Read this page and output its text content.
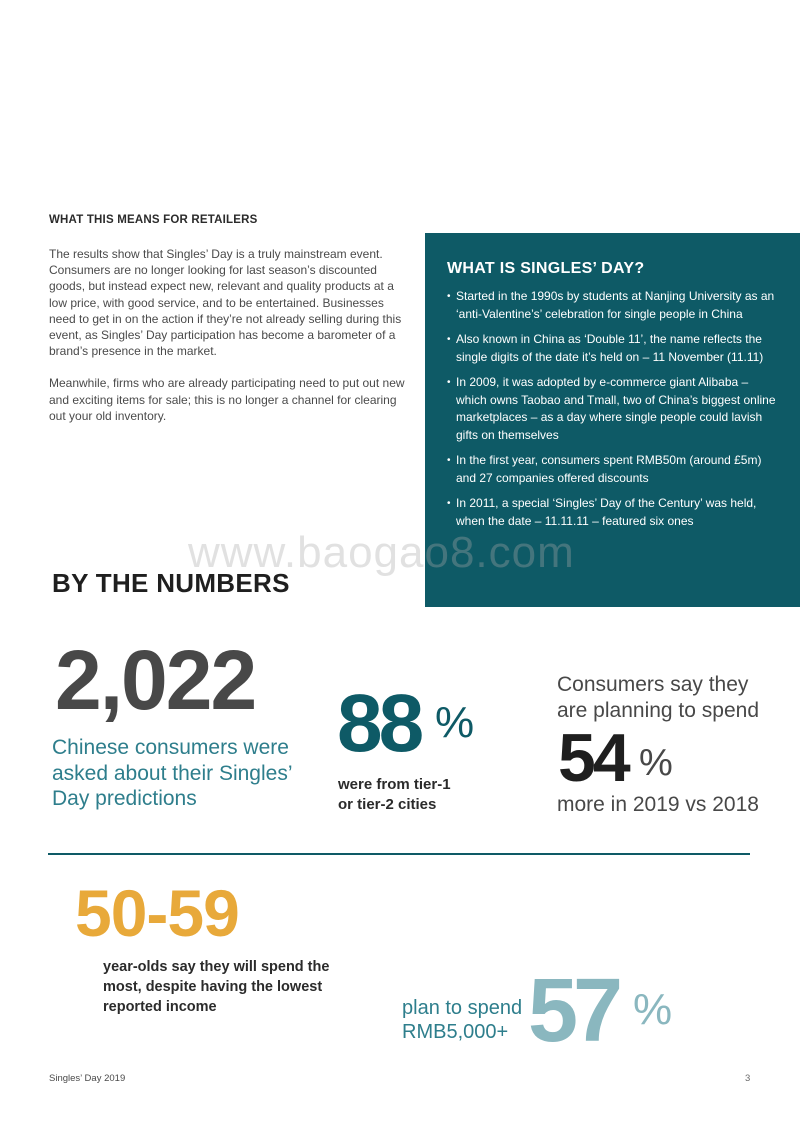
WHAT THIS MEANS FOR RETAILERS

The results show that Singles’ Day is a truly mainstream event. Consumers are no longer looking for last season’s discounted goods, but instead expect new, relevant and quality products at a low price, with good service, and to be entertained. Businesses need to get in on the action if they’re not already selling during this event, as Singles’ Day participation has become a barometer of a brand’s presence in the market.

Meanwhile, firms who are already participating need to put out new and exciting items for sale; this is no longer a channel for clearing out your old inventory.

WHAT IS SINGLES’ DAY?
• Started in the 1990s by students at Nanjing University as an ‘anti-Valentine’s’ celebration for single people in China
• Also known in China as ‘Double 11’, the name reflects the single digits of the date it’s held on – 11 November (11.11)
• In 2009, it was adopted by e-commerce giant Alibaba – which owns Taobao and Tmall, two of China’s biggest online marketplaces – as a day where single people could lavish gifts on themselves
• In the first year, consumers spent RMB50m (around £5m) and 27 companies offered discounts
• In 2011, a special ‘Singles’ Day of the Century’ was held, when the date – 11.11.11 – featured six ones
BY THE NUMBERS
www.baogao8.com
2,022
Chinese consumers were asked about their Singles’ Day predictions
88 %
were from tier-1 or tier-2 cities
Consumers say they are planning to spend
54 %
more in 2019 vs 2018
50-59
year-olds say they will spend the most, despite having the lowest reported income	plan to spend RMB5,000+ 57 %
Singles’ Day 2019	3
